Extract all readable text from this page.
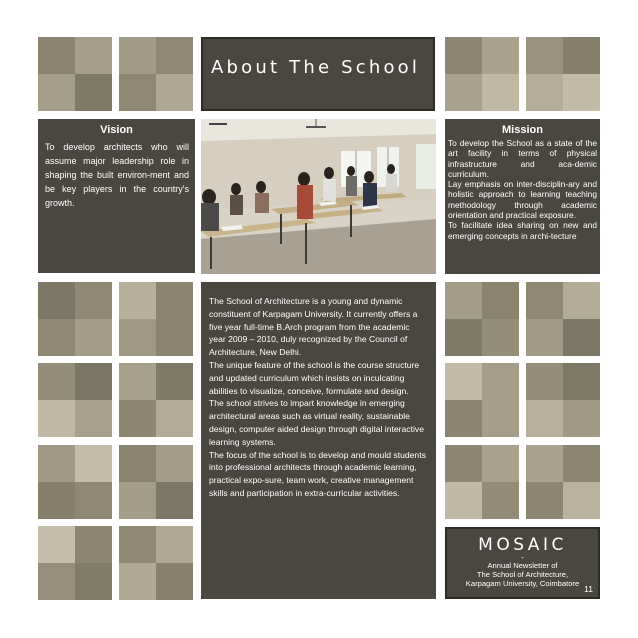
About The School
Vision
To develop architects who will assume major leadership role in shaping the built environ-ment and be key players in the country's growth.
Mission
To develop the School as a state of the art facility in terms of physical infrastructure and aca-demic curriculum.
Lay emphasis on inter-disciplin-ary and holistic approach to learning teaching methodology through academic orientation and practical exposure.
To facilitate idea sharing on new and emerging concepts in archi-tecture
The School of Architecture is a young and dynamic constituent of Karpagam University. It currently offers a five year full-time B.Arch program from the academic year 2009 – 2010, duly recognized by the Council of Architecture, New Delhi.
The unique feature of the school is the course structure and updated curriculum which insists on inculcating abilities to visualize, conceive, formulate and design.
The school strives to impart knowledge in emerging architectural areas such as virtual reality, sustainable design, computer aided design through digital interactive learning systems.
The focus of the school is to develop and mould students into professional architects through academic learning, practical expo-sure, team work, creative management skills and participation in extra-curricular activities.
MOSAIC
-
Annual Newsletter of
The School of Architecture,
Karpagam University, Coimbatore
11
